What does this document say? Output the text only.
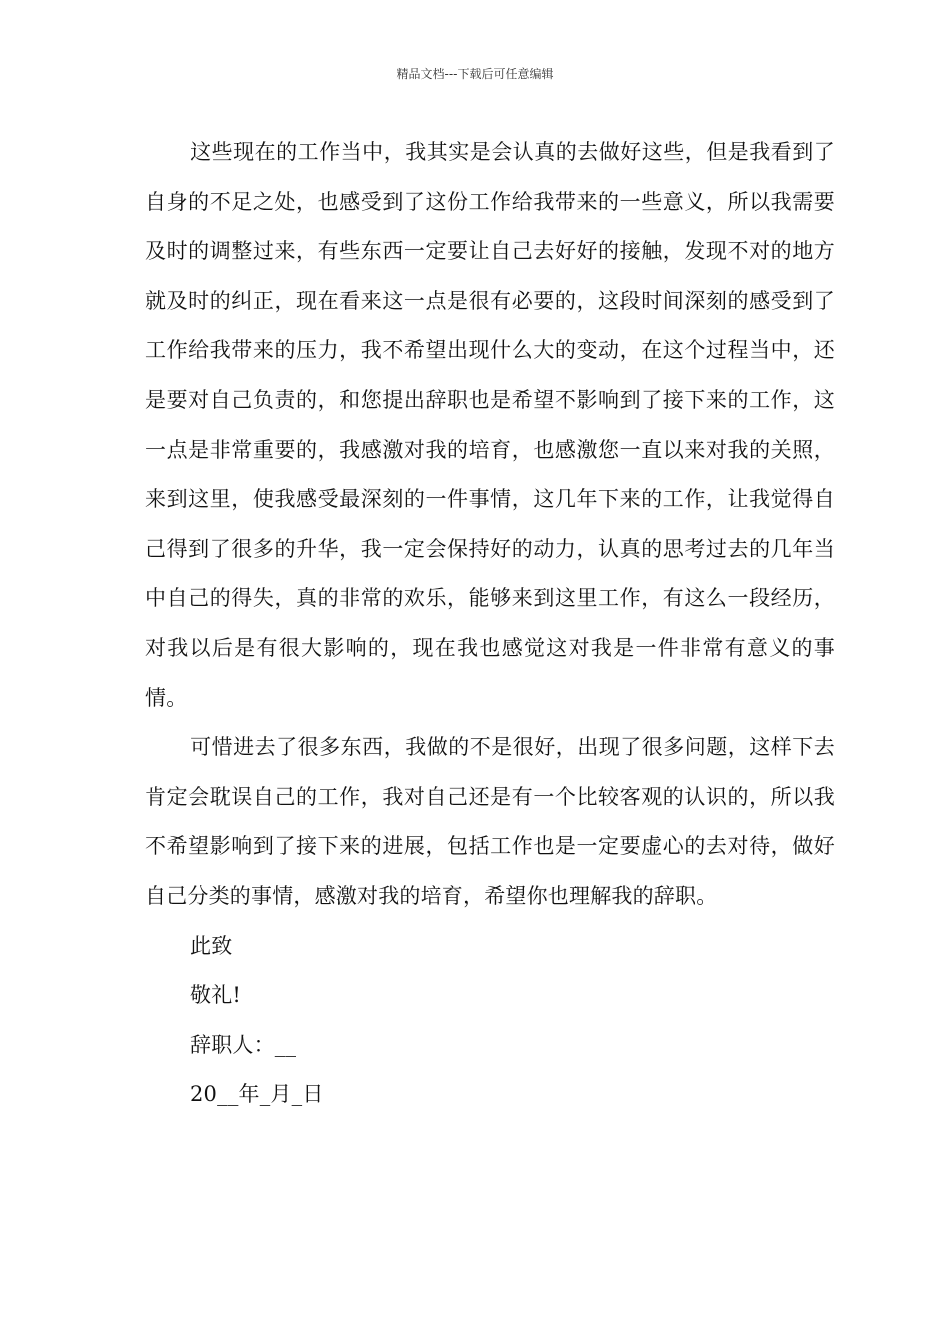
精品文档---下载后可任意编辑

这些现在的工作当中，我其实是会认真的去做好这些，但是我看到了自身的不足之处，也感受到了这份工作给我带来的一些意义，所以我需要及时的调整过来，有些东西一定要让自己去好好的接触，发现不对的地方就及时的纠正，现在看来这一点是很有必要的，这段时间深刻的感受到了工作给我带来的压力，我不希望出现什么大的变动，在这个过程当中，还是要对自己负责的，和您提出辞职也是希望不影响到了接下来的工作，这一点是非常重要的，我感激对我的培育，也感激您一直以来对我的关照，来到这里，使我感受最深刻的一件事情，这几年下来的工作，让我觉得自己得到了很多的升华，我一定会保持好的动力，认真的思考过去的几年当中自己的得失，真的非常的欢乐，能够来到这里工作，有这么一段经历，对我以后是有很大影响的，现在我也感觉这对我是一件非常有意义的事情。

可惜进去了很多东西，我做的不是很好，出现了很多问题，这样下去肯定会耽误自己的工作，我对自己还是有一个比较客观的认识的，所以我不希望影响到了接下来的进展，包括工作也是一定要虚心的去对待，做好自己分类的事情，感激对我的培育，希望你也理解我的辞职。

此致

敬礼!

辞职人：__

20__年_月_日
